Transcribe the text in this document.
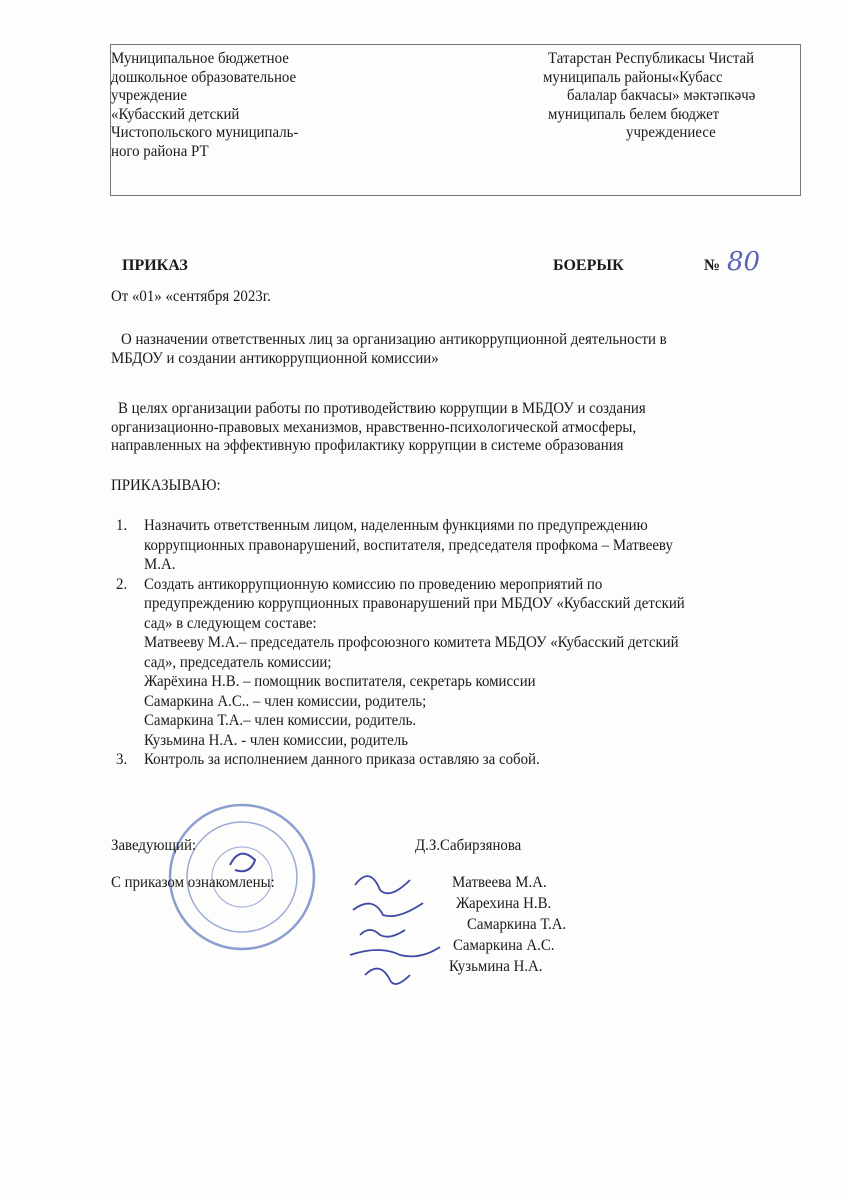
Муниципальное бюджетное
дошкольное образовательное
учреждение
«Кубасский детский
Чистопольского муниципаль-
ного района РТ
Татарстан Республикасы Чистай
муниципаль районы«Кубасс
балалар бакчасы» мәктәпкәчә
муниципаль белем бюджет
учреждениесе
ПРИКАЗ	БОЕРЫК	№ 80
От «01» «сентября 2023г.
О назначении ответственных лиц за организацию антикоррупционной деятельности в
МБДОУ и создании антикоррупционной комиссии»
В целях организации работы по противодействию коррупции в МБДОУ и создания
организационно-правовых механизмов, нравственно-психологической атмосферы,
направленных на эффективную профилактику коррупции в системе образования
ПРИКАЗЫВАЮ:
1. Назначить ответственным лицом, наделенным функциями по предупреждению
коррупционных правонарушений, воспитателя, председателя профкома – Матвееву
М.А.
2. Создать антикоррупционную комиссию по проведению мероприятий по
предупреждению коррупционных правонарушений при МБДОУ «Кубасский детский
сад» в следующем составе:
Матвееву М.А.– председатель профсоюзного комитета МБДОУ «Кубасский детский
сад», председатель комиссии;
Жарёхина Н.В. – помощник воспитателя, секретарь комиссии
Самаркина А.С.. – член комиссии, родитель;
Самаркина Т.А.– член комиссии, родитель.
Кузьмина Н.А. - член комиссии, родитель
3. Контроль за исполнением данного приказа оставляю за собой.
Заведующий:	Д.З.Сабирзянова
С приказом ознакомлены:	Матвеева М.А.
Жарехина Н.В.
Самаркина Т.А.
Самаркина А.С.
Кузьмина Н.А.
